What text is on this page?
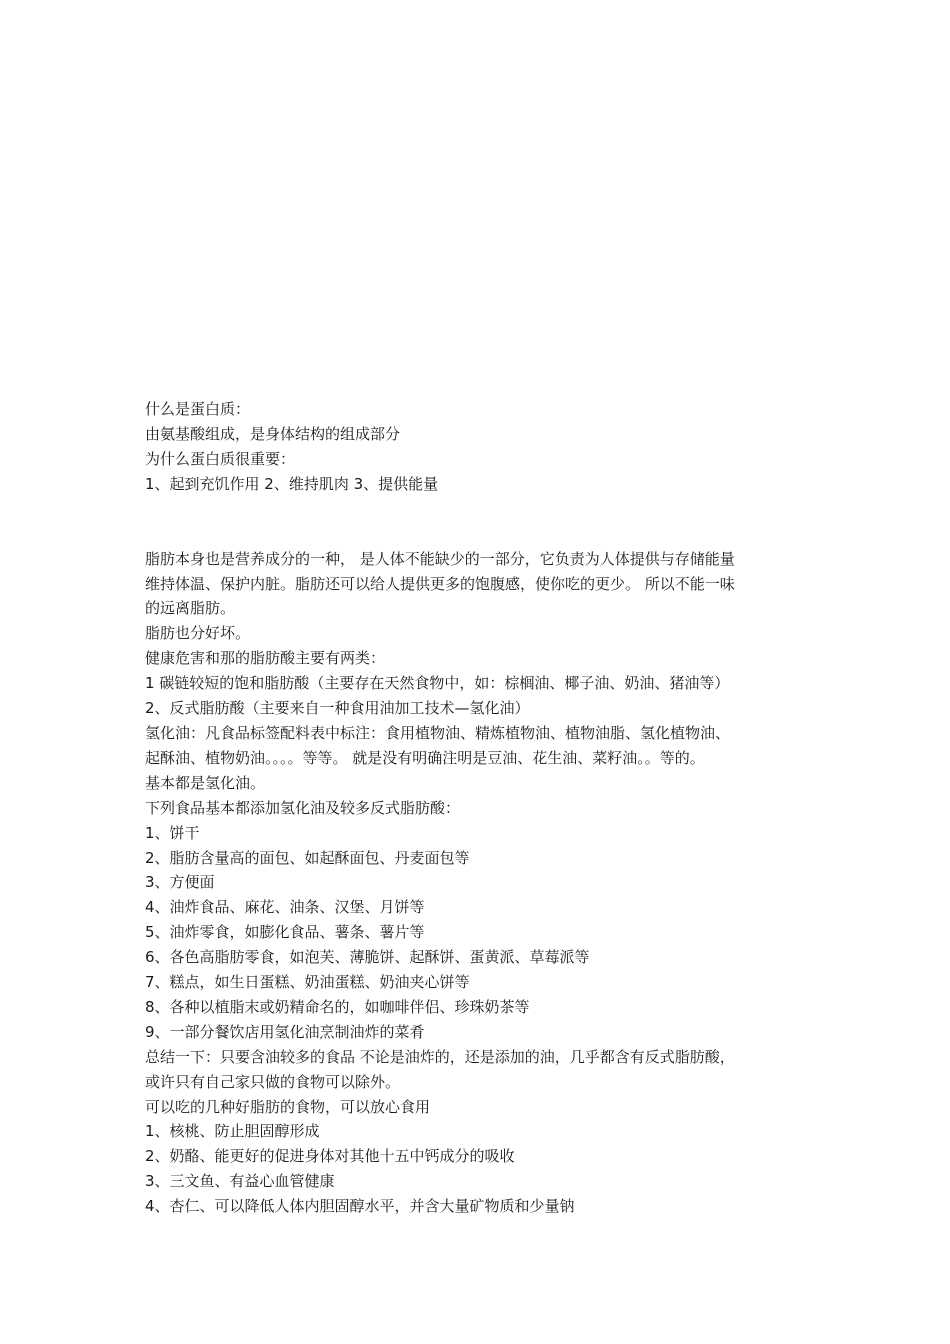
什么是蛋白质：
由氨基酸组成，是身体结构的组成部分
为什么蛋白质很重要：
1、起到充饥作用 2、维持肌肉 3、提供能量
脂肪本身也是营养成分的一种， 是人体不能缺少的一部分，它负责为人体提供与存储能量
维持体温、保护内脏。脂肪还可以给人提供更多的饱腹感，使你吃的更少。 所以不能一味
的远离脂肪。
脂肪也分好坏。
健康危害和那的脂肪酸主要有两类：
1 碳链较短的饱和脂肪酸（主要存在天然食物中，如：棕榈油、椰子油、奶油、猪油等）
2、反式脂肪酸（主要来自一种食用油加工技术—氢化油）
氢化油：凡食品标签配料表中标注：食用植物油、精炼植物油、植物油脂、氢化植物油、
起酥油、植物奶油。。。。等等。 就是没有明确注明是豆油、花生油、菜籽油。。等的。
基本都是氢化油。
下列食品基本都添加氢化油及较多反式脂肪酸：
1、饼干
2、脂肪含量高的面包、如起酥面包、丹麦面包等
3、方便面
4、油炸食品、麻花、油条、汉堡、月饼等
5、油炸零食，如膨化食品、薯条、薯片等
6、各色高脂肪零食，如泡芙、薄脆饼、起酥饼、蛋黄派、草莓派等
7、糕点，如生日蛋糕、奶油蛋糕、奶油夹心饼等
8、各种以植脂末或奶精命名的，如咖啡伴侣、珍珠奶茶等
9、一部分餐饮店用氢化油烹制油炸的菜肴
总结一下：只要含油较多的食品 不论是油炸的，还是添加的油，几乎都含有反式脂肪酸，
或许只有自己家只做的食物可以除外。
可以吃的几种好脂肪的食物，可以放心食用
1、核桃、防止胆固醇形成
2、奶酪、能更好的促进身体对其他十五中钙成分的吸收
3、三文鱼、有益心血管健康
4、杏仁、可以降低人体内胆固醇水平，并含大量矿物质和少量钠
